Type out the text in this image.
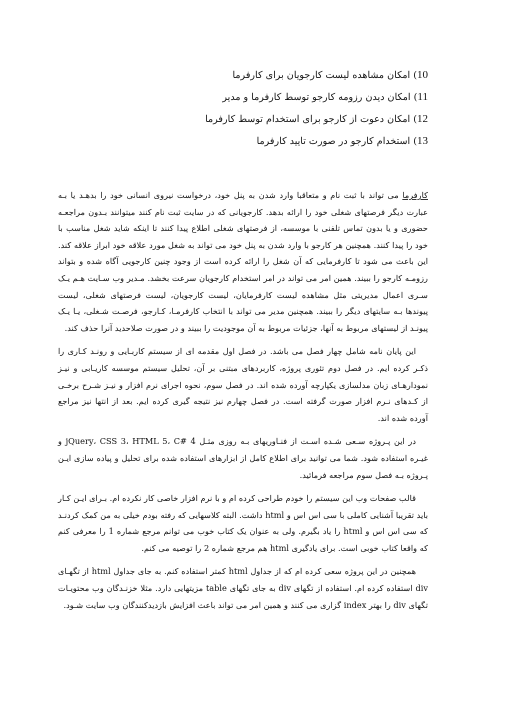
10) امکان مشاهده لیست کارجویان برای کارفرما
11) امکان دیدن رزومه کارجو توسط کارفرما و مدیر
12) امکان دعوت از کارجو برای استخدام توسط کارفرما
13) استخدام کارجو در صورت تایید کارفرما

کارفرما می تواند با ثبت نام و متعاقبا وارد شدن به پنل خود، درخواست نیروی انسانی خود را بدهـد یا بـه عبارت دیگر فرصتهای شغلی خود را ارائه بدهد. کارجویانی که در سایت ثبت نام کنند میتوانند بـدون مراجعـه حضوری و یا بدون تماس تلفنی با موسسه، از فرصتهای شغلی اطلاع پیدا کنند تا اینکه شاید شغل مناسب با خود را پیدا کنند. همچنین هر کارجو با وارد شدن به پنل خود می تواند به شغل مورد علاقه خود ابراز علاقه کند. این باعث می شود تا کارفرمایی که آن شغل را ارائه کرده است از وجود چنین کارجویی آگاه شده و بتواند رزومـه کارجو را ببیند. همین امر می تواند در امر استخدام کارجویان سرعت بخشد. مـدیر وب سـایت هـم یـک سـری اعمال مدیریتی مثل مشاهده لیست کارفرمایان، لیست کارجویان، لیست فرصتهای شغلی، لیست پیوندها بـه سایتهای دیگر را ببیند. همچنین مدیر می تواند با انتخاب کارفرمـا، کـارجو، فرصـت شـغلی، یـا یـک پیونـد از لیستهای مربوط به آنها، جزئیات مربوط به آن موجودیت را ببیند و در صورت صلاحدید آنرا حذف کند.

این پایان نامه شامل چهار فصل می باشد. در فصل اول مقدمه ای از سیستم کاربـایی و رونـد کـاری را ذکـر کرده ایم. در فصل دوم تئوری پروژه، کاربردهای مبتنی بر آن، تحلیل سیستم موسسه کاریـابی و نیـز نمودارهـای زبان مدلسازی یکپارچه آورده شده اند. در فصل سوم، نحوه اجرای نرم افزار و نیـز شـرح برخـی از کـدهای نـرم افزار صورت گرفته است. در فصل چهارم نیز نتیجه گیری کرده ایم. بعد از انتها نیز مراجع آورده شده اند.

در این پـروژه سـعی شـده اسـت از فنـاوریهای بـه روزی مثـل jQuery، CSS 3، HTML 5، C# 4 و غیـره استفاده شود. شما می توانید برای اطلاع کامل از ابزارهای استفاده شده برای تحلیل و پیاده سازی ایـن پـروژه بـه فصل سوم مراجعه فرمائید.

قالب صفحات وب این سیستم را خودم طراحی کرده ام و با نرم افزار خاصی کار نکرده ام. بـرای ایـن کـار باید تقریبا آشنایی کاملی با سی اس اس و html داشت. البته کلاسهایی که رفته بودم خیلی به من کمک کردنـد که سی اس اس و html را یاد بگیرم. ولی به عنوان یک کتاب خوب می توانم مرجع شماره 1 را معرفی کنم که واقعا کتاب خوبی است. برای یادگیری html هم مرجع شماره 2 را توصیه می کنم.

همچنین در این پروژه سعی کرده ام که از جداول html کمتر استفاده کنم. به جای جداول html از تگهـای div استفاده کرده ام. استفاده از تگهای div به جای تگهای table مزیتهایی دارد. مثلا خزنـدگان وب محتویـات تگهای div را بهتر index گزاری می کنند و همین امر می تواند باعث افزایش بازدیدکنندگان وب سایت شـود.
